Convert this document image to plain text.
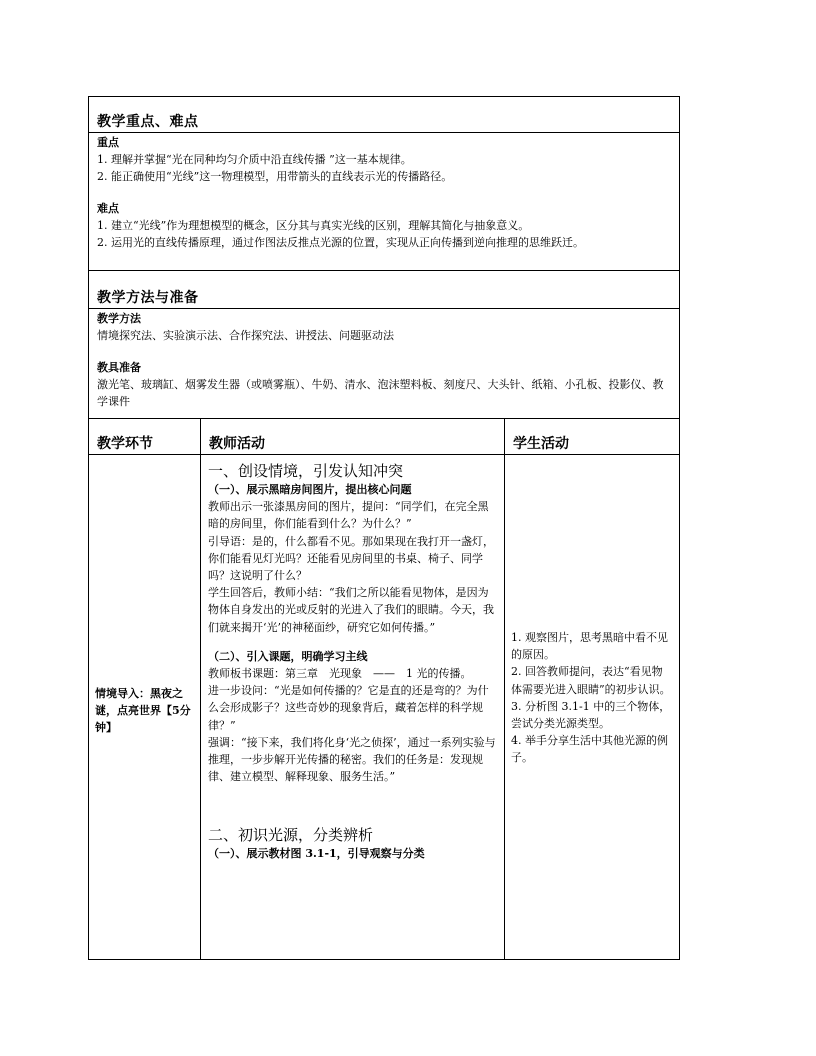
教学重点、难点
重点
1. 理解并掌握“光在同种均匀介质中沿直线传播 ”这一基本规律。
2. 能正确使用“光线”这一物理模型，用带箭头的直线表示光的传播路径。
难点
1. 建立“光线”作为理想模型的概念，区分其与真实光线的区别，理解其简化与抽象意义。
2. 运用光的直线传播原理，通过作图法反推点光源的位置，实现从正向传播到逆向推理的思维跃迁。
教学方法与准备
教学方法
情境探究法、实验演示法、合作探究法、讲授法、问题驱动法
教具准备
激光笔、玻璃缸、烟雾发生器（或喷雾瓶）、牛奶、清水、泡沫塑料板、刻度尺、大头针、纸箱、小孔板、投影仪、教学课件
教学环节	教师活动	学生活动
情境导入：黑夜之谜，点亮世界【5分钟】
一、创设情境，引发认知冲突
（一）、展示黑暗房间图片，提出核心问题
教师出示一张漆黑房间的图片，提问：“同学们，在完全黑暗的房间里，你们能看到什么？为什么？”
引导语：是的，什么都看不见。那如果现在我打开一盏灯，你们能看见灯光吗？还能看见房间里的书桌、椅子、同学吗？这说明了什么？
学生回答后，教师小结：“我们之所以能看见物体，是因为物体自身发出的光或反射的光进入了我们的眼睛。今天，我们就来揭开‘光’的神秘面纱，研究它如何传播。”
（二）、引入课题，明确学习主线
教师板书课题：第三章　光现象　——　1 光的传播。
进一步设问：“光是如何传播的？它是直的还是弯的？为什么会形成影子？这些奇妙的现象背后，藏着怎样的科学规律？”
强调：“接下来，我们将化身‘光之侦探’，通过一系列实验与推理，一步步解开光传播的秘密。我们的任务是：发现规律、建立模型、解释现象、服务生活。”
二、初识光源，分类辨析
（一）、展示教材图 3.1-1，引导观察与分类
1. 观察图片，思考黑暗中看不见的原因。
2. 回答教师提问，表达“看见物体需要光进入眼睛”的初步认识。
3. 分析图 3.1-1 中的三个物体，尝试分类光源类型。
4. 举手分享生活中其他光源的例子。
